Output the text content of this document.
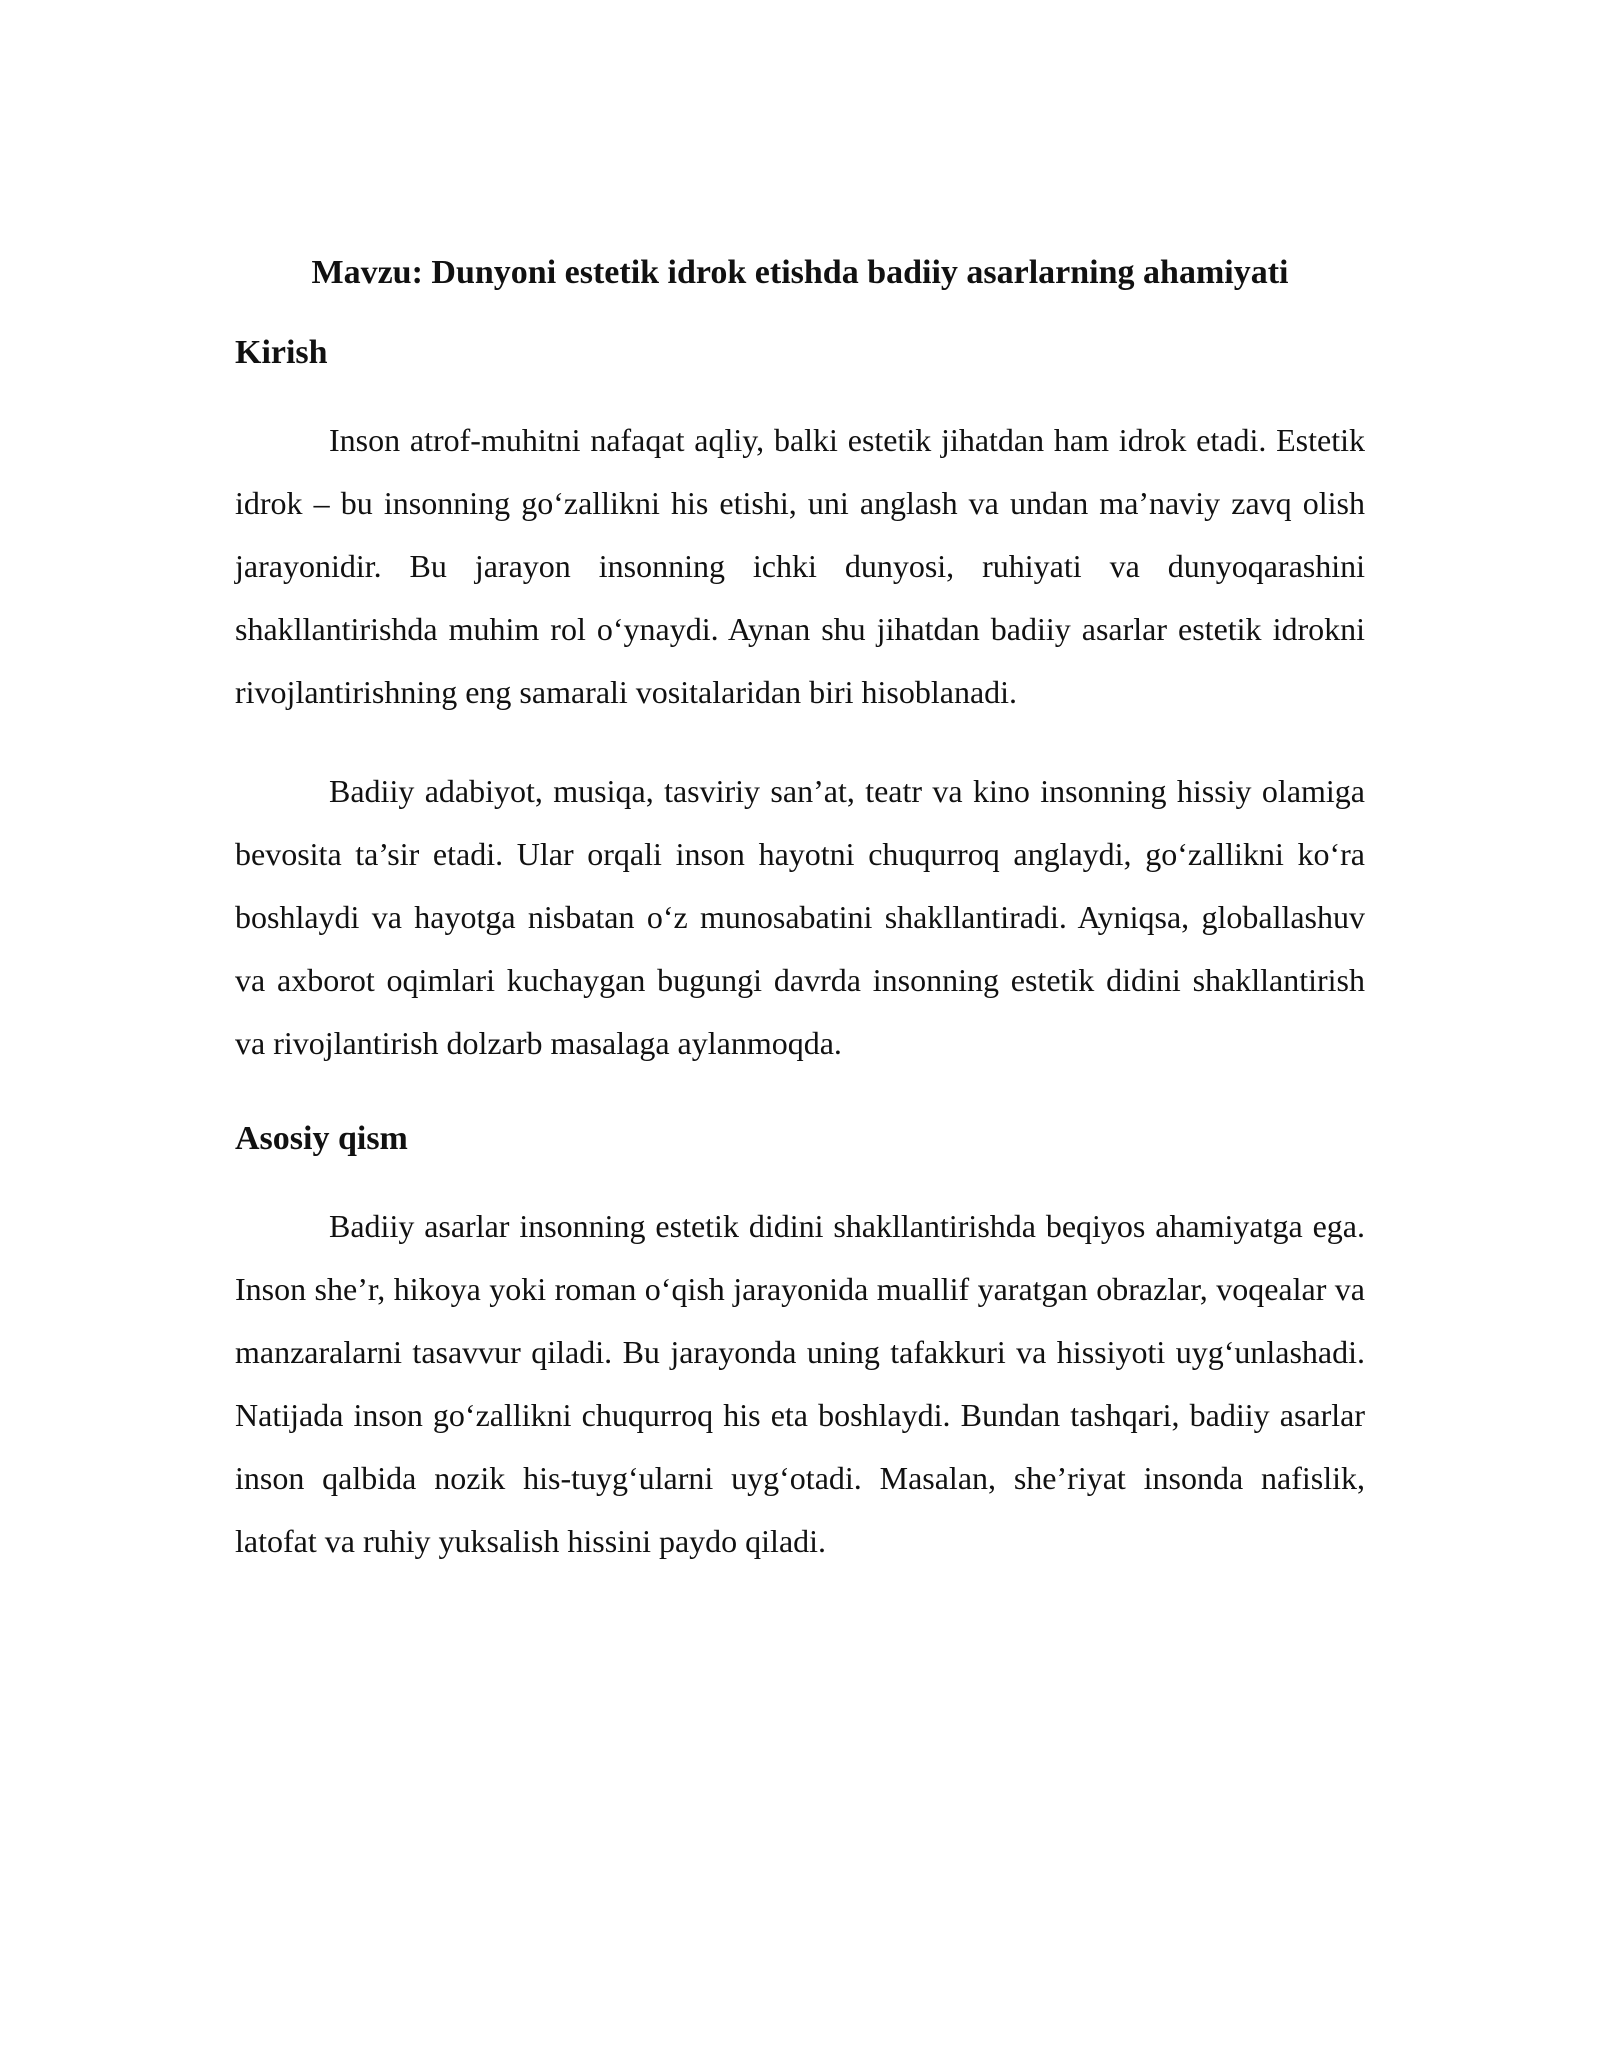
Mavzu: Dunyoni estetik idrok etishda badiiy asarlarning ahamiyati
Kirish

Inson atrof-muhitni nafaqat aqliy, balki estetik jihatdan ham idrok etadi. Estetik idrok – bu insonning go‘zallikni his etishi, uni anglash va undan ma’naviy zavq olish jarayonidir. Bu jarayon insonning ichki dunyosi, ruhiyati va dunyoqarashini shakllantirishda muhim rol o‘ynaydi. Aynan shu jihatdan badiiy asarlar estetik idrokni rivojlantirishning eng samarali vositalaridan biri hisoblanadi.

Badiiy adabiyot, musiqa, tasviriy san’at, teatr va kino insonning hissiy olamiga bevosita ta’sir etadi. Ular orqali inson hayotni chuqurroq anglaydi, go‘zallikni ko‘ra boshlaydi va hayotga nisbatan o‘z munosabatini shakllantiradi. Ayniqsa, globallashuv va axborot oqimlari kuchaygan bugungi davrda insonning estetik didini shakllantirish va rivojlantirish dolzarb masalaga aylanmoqda.

Asosiy qism

Badiiy asarlar insonning estetik didini shakllantirishda beqiyos ahamiyatga ega. Inson she’r, hikoya yoki roman o‘qish jarayonida muallif yaratgan obrazlar, voqealar va manzaralarni tasavvur qiladi. Bu jarayonda uning tafakkuri va hissiyoti uyg‘unlashadi. Natijada inson go‘zallikni chuqurroq his eta boshlaydi. Bundan tashqari, badiiy asarlar inson qalbida nozik his-tuyg‘ularni uyg‘otadi. Masalan, she’riyat insonda nafislik, latofat va ruhiy yuksalish hissini paydo qiladi.
